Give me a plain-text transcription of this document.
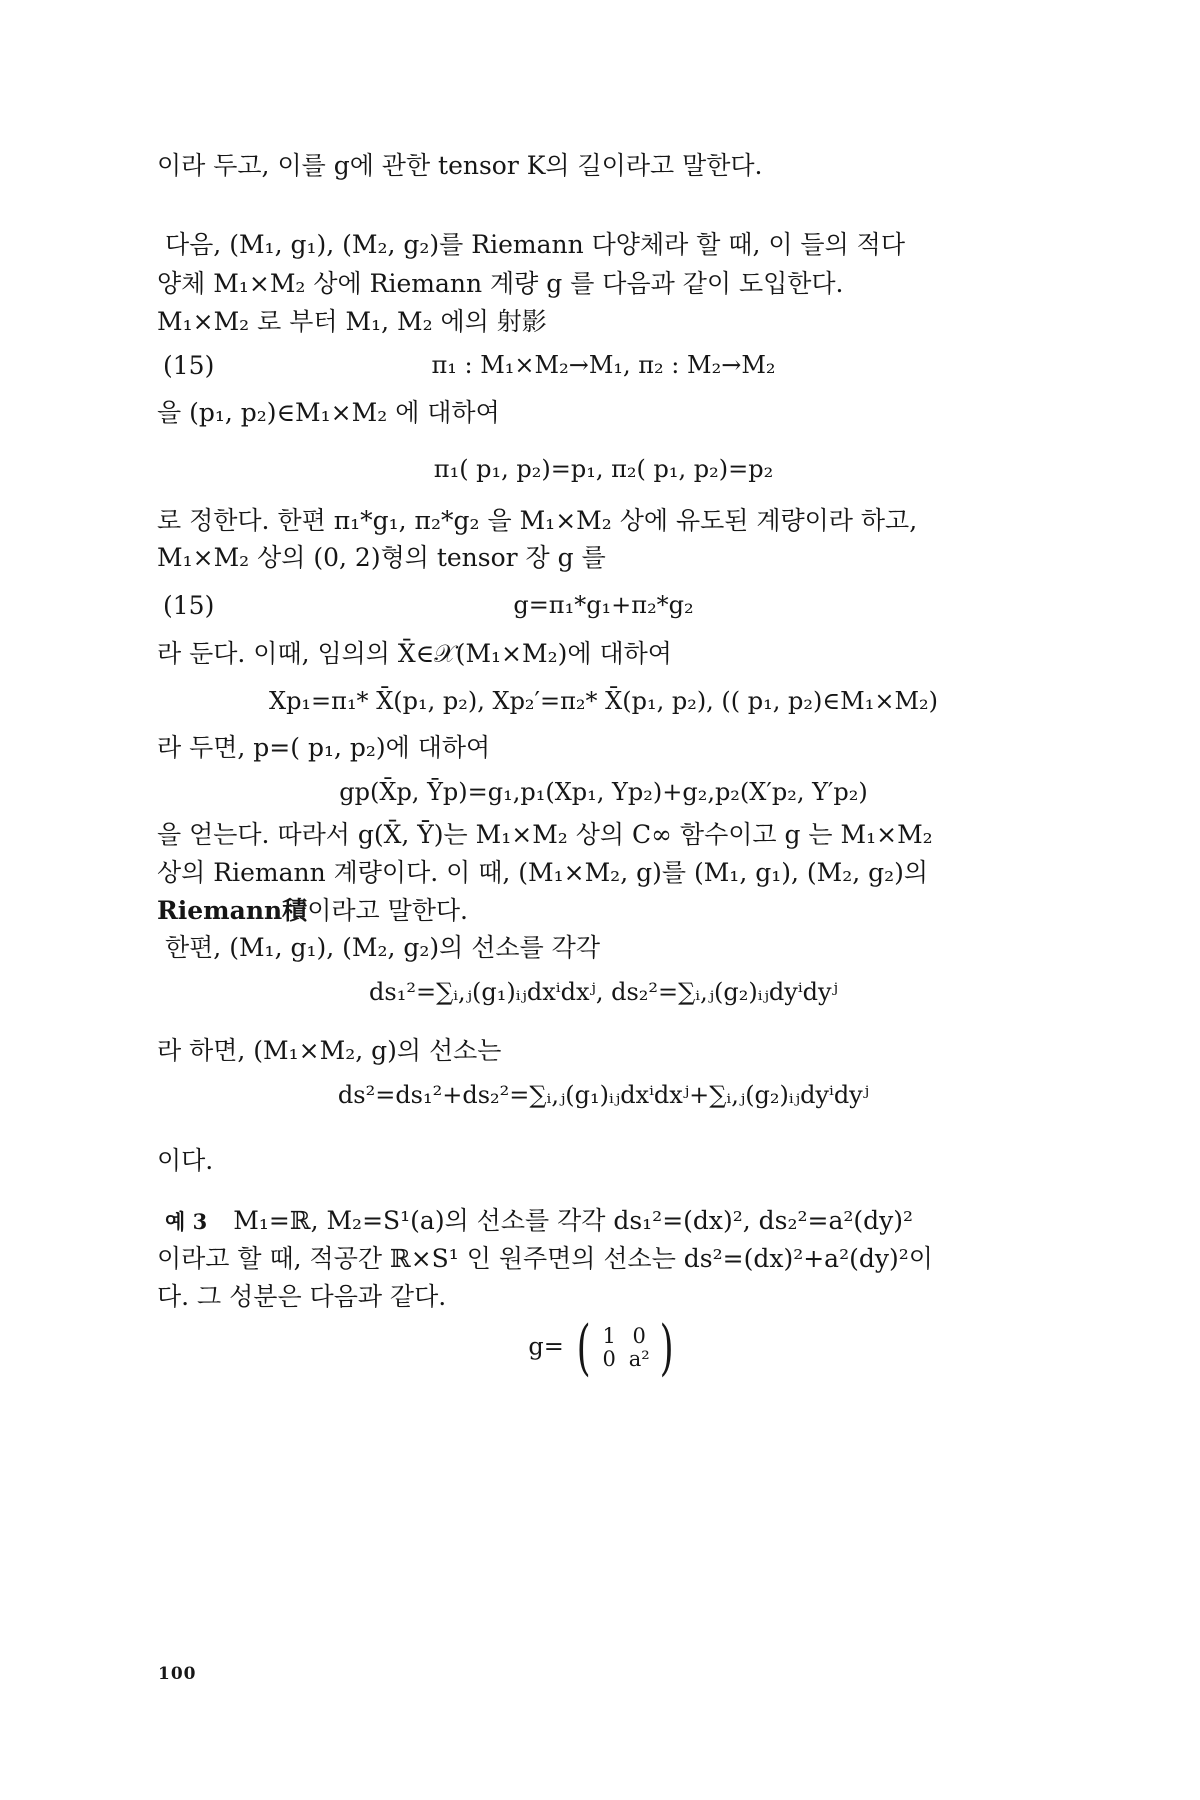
이라 두고, 이를 g에 관한 tensor K의 길이라고 말한다.
다음, (M₁, g₁), (M₂, g₂)를 Riemann 다양체라 할 때, 이 들의 적다
양체 M₁×M₂ 상에 Riemann 계량 g 를 다음과 같이 도입한다.
M₁×M₂ 로 부터 M₁, M₂ 에의 射影
(15)	π₁ : M₁×M₂→M₁, π₂ : M₂→M₂
을 (p₁, p₂)∈M₁×M₂ 에 대하여
π₁( p₁, p₂)=p₁, π₂( p₁, p₂)=p₂
로 정한다. 한편 π₁*g₁, π₂*g₂ 을 M₁×M₂ 상에 유도된 계량이라 하고,
M₁×M₂ 상의 (0, 2)형의 tensor 장 g 를
(15)	g=π₁*g₁+π₂*g₂
라 둔다. 이때, 임의의 X̄∈𝒳(M₁×M₂)에 대하여
Xp₁=π₁* X̄(p₁, p₂), Xp₂′=π₂* X̄(p₁, p₂), (( p₁, p₂)∈M₁×M₂)
라 두면, p=( p₁, p₂)에 대하여
gp(X̄p, Ȳp)=g₁,p₁(Xp₁, Yp₂)+g₂,p₂(X′p₂, Y′p₂)
을 얻는다. 따라서 g(X̄, Ȳ)는 M₁×M₂ 상의 C∞ 함수이고 g 는 M₁×M₂
상의 Riemann 계량이다. 이 때, (M₁×M₂, g)를 (M₁, g₁), (M₂, g₂)의
Riemann積이라고 말한다.
한편, (M₁, g₁), (M₂, g₂)의 선소를 각각
ds₁²=∑ᵢ,ⱼ(g₁)ᵢⱼdxⁱdxʲ, ds₂²=∑ᵢ,ⱼ(g₂)ᵢⱼdyⁱdyʲ
라 하면, (M₁×M₂, g)의 선소는
ds²=ds₁²+ds₂²=∑ᵢ,ⱼ(g₁)ᵢⱼdxⁱdxʲ+∑ᵢ,ⱼ(g₂)ᵢⱼdyⁱdyʲ
이다.
예 3 M₁=ℝ, M₂=S¹(a)의 선소를 각각 ds₁²=(dx)², ds₂²=a²(dy)²
이라고 할 때, 적공간 ℝ×S¹ 인 원주면의 선소는 ds²=(dx)²+a²(dy)²이
다. 그 성분은 다음과 같다.
g= ( 1 0
0 a² )
100
